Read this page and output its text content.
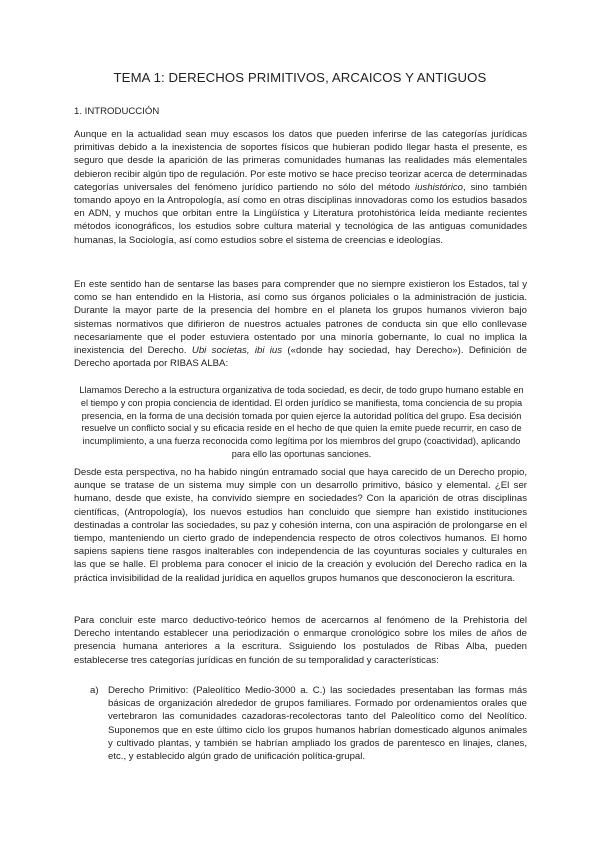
TEMA 1: DERECHOS PRIMITIVOS, ARCAICOS Y ANTIGUOS
1. INTRODUCCIÓN

Aunque en la actualidad sean muy escasos los datos que pueden inferirse de las categorías jurídicas primitivas debido a la inexistencia de soportes físicos que hubieran podido llegar hasta el presente, es seguro que desde la aparición de las primeras comunidades humanas las realidades más elementales debieron recibir algún tipo de regulación. Por este motivo se hace preciso teorizar acerca de determinadas categorías universales del fenómeno jurídico partiendo no sólo del método iushistórico, sino también tomando apoyo en la Antropología, así como en otras disciplinas innovadoras como los estudios basados en ADN, y muchos que orbitan entre la Lingüística y Literatura protohistórica leída mediante recientes métodos iconográficos, los estudios sobre cultura material y tecnológica de las antiguas comunidades humanas, la Sociología, así como estudios sobre el sistema de creencias e ideologías.

En este sentido han de sentarse las bases para comprender que no siempre existieron los Estados, tal y como se han entendido en la Historia, así como sus órganos policiales o la administración de justicia. Durante la mayor parte de la presencia del hombre en el planeta los grupos humanos vivieron bajo sistemas normativos que difirieron de nuestros actuales patrones de conducta sin que ello conllevase necesariamente que el poder estuviera ostentado por una minoría gobernante, lo cual no implica la inexistencia del Derecho. Ubi societas, ibi ius («donde hay sociedad, hay Derecho»). Definición de Derecho aportada por RIBAS ALBA:

Llamamos Derecho a la estructura organizativa de toda sociedad, es decir, de todo grupo humano estable en el tiempo y con propia conciencia de identidad. El orden jurídico se manifiesta, toma conciencia de su propia presencia, en la forma de una decisión tomada por quien ejerce la autoridad política del grupo. Esa decisión resuelve un conflicto social y su eficacia reside en el hecho de que quien la emite puede recurrir, en caso de incumplimiento, a una fuerza reconocida como legítima por los miembros del grupo (coactividad), aplicando para ello las oportunas sanciones.

Desde esta perspectiva, no ha habido ningún entramado social que haya carecido de un Derecho propio, aunque se tratase de un sistema muy simple con un desarrollo primitivo, básico y elemental. ¿El ser humano, desde que existe, ha convivido siempre en sociedades? Con la aparición de otras disciplinas científicas, (Antropología), los nuevos estudios han concluido que siempre han existido instituciones destinadas a controlar las sociedades, su paz y cohesión interna, con una aspiración de prolongarse en el tiempo, manteniendo un cierto grado de independencia respecto de otros colectivos humanos. El homo sapiens sapiens tiene rasgos inalterables con independencia de las coyunturas sociales y culturales en las que se halle. El problema para conocer el inicio de la creación y evolución del Derecho radica en la práctica invisibilidad de la realidad jurídica en aquellos grupos humanos que desconocieron la escritura.

Para concluir este marco deductivo-teórico hemos de acercarnos al fenómeno de la Prehistoria del Derecho intentando establecer una periodización o enmarque cronológico sobre los miles de años de presencia humana anteriores a la escritura. Ssiguiendo los postulados de Ribas Alba, pueden establecerse tres categorías jurídicas en función de su temporalidad y características:

a) Derecho Primitivo: (Paleolítico Medio-3000 a. C.) las sociedades presentaban las formas más básicas de organización alrededor de grupos familiares. Formado por ordenamientos orales que vertebraron las comunidades cazadoras-recolectoras tanto del Paleolítico como del Neolítico. Suponemos que en este último ciclo los grupos humanos habrían domesticado algunos animales y cultivado plantas, y también se habrían ampliado los grados de parentesco en linajes, clanes, etc., y establecido algún grado de unificación política-grupal.
